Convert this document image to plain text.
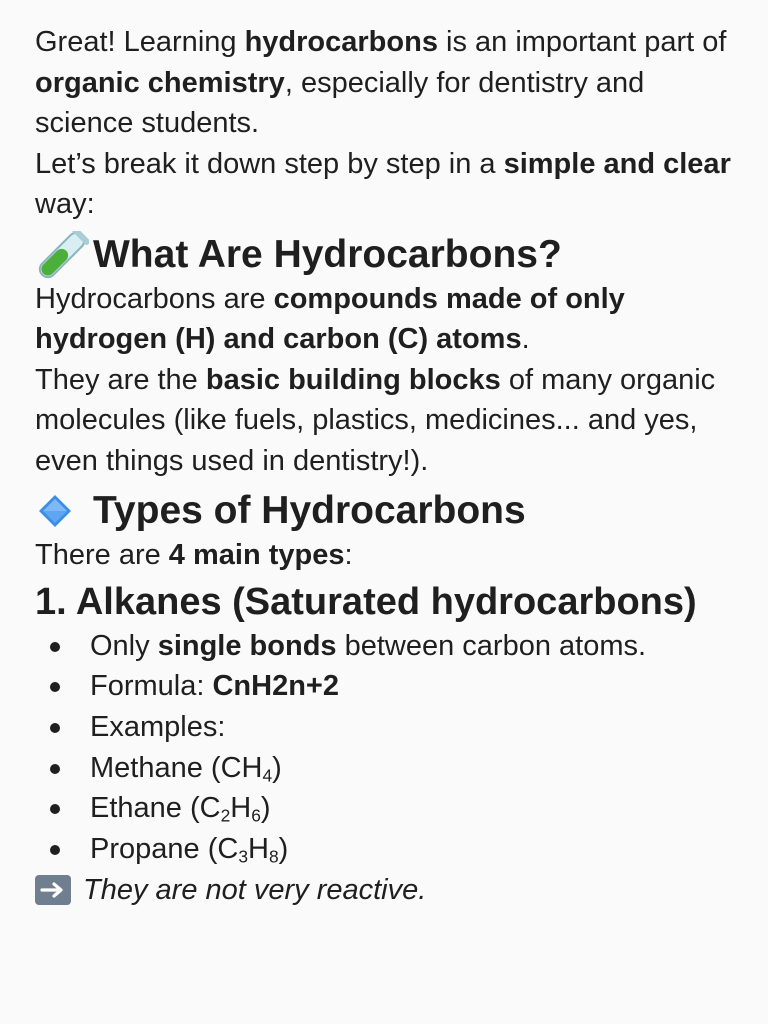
Great! Learning hydrocarbons is an important part of organic chemistry, especially for dentistry and science students.

Let’s break it down step by step in a simple and clear way:

What Are Hydrocarbons?

Hydrocarbons are compounds made of only hydrogen (H) and carbon (C) atoms.

They are the basic building blocks of many organic molecules (like fuels, plastics, medicines... and yes, even things used in dentistry!).

Types of Hydrocarbons

There are 4 main types:

1. Alkanes (Saturated hydrocarbons)
Only single bonds between carbon atoms.
Formula: CnH2n+2
Examples:
Methane $(CH_4)$
Ethane $(C_2H_6)$
Propane $(C_3H_8)$
They are not very reactive.
